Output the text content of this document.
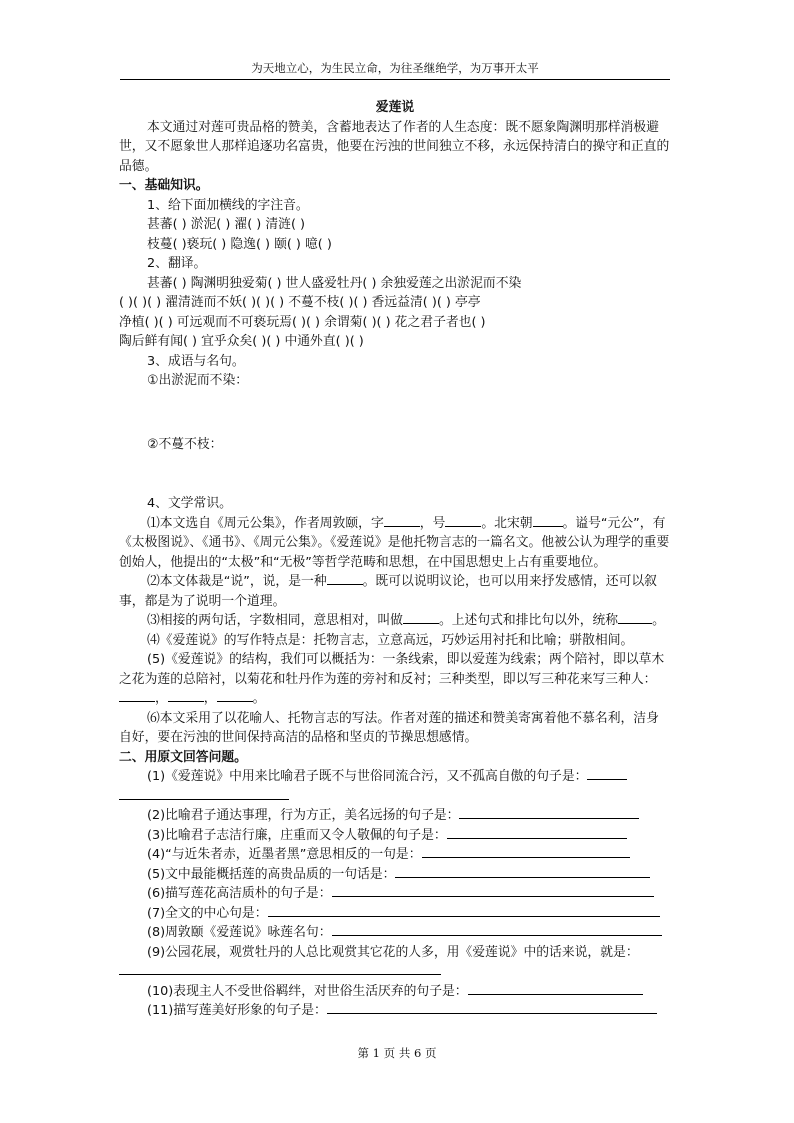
为天地立心，为生民立命，为往圣继绝学，为万事开太平
爱莲说
本文通过对莲可贵品格的赞美，含蓄地表达了作者的人生态度：既不愿象陶渊明那样消极避世，又不愿象世人那样追逐功名富贵，他要在污浊的世间独立不移，永远保持清白的操守和正直的品德。
一、基础知识。
1、给下面加横线的字注音。
甚蕃( ) 淤泥( ) 濯( ) 清涟( )
枝蔓( )亵玩( ) 隐逸( ) 颐( ) 噫( )
2、翻译。
甚蕃( ) 陶渊明独爱菊( ) 世人盛爱牡丹( ) 余独爱莲之出淤泥而不染
( )( )( ) 濯清涟而不妖( )( )( ) 不蔓不枝( )( ) 香远益清( )( ) 亭亭
净植( )( ) 可远观而不可亵玩焉( )( ) 余谓菊( )( ) 花之君子者也( )
陶后鲜有闻( ) 宜乎众矣( )( ) 中通外直( )( )
3、成语与名句。
①出淤泥而不染：
②不蔓不枝：
4、文学常识。
⑴本文选自《周元公集》，作者周敦颐，字	，号	。北宋朝 。谥号“元公”，有《太极图说》、《通书》、《周元公集》。《爱莲说》是他托物言志的一篇名文。他被公认为理学的重要创始人，他提出的“太极”和“无极”等哲学范畴和思想，在中国思想史上占有重要地位。
⑵本文体裁是“说”，说，是一种	。既可以说明议论，也可以用来抒发感情，还可以叙事，都是为了说明一个道理。
⑶相接的两句话，字数相同，意思相对，叫做	。上述句式和排比句以外，统称	。
⑷《爱莲说》的写作特点是：托物言志，立意高远，巧妙运用衬托和比喻；骈散相间。
(5)《爱莲说》的结构，我们可以概括为：一条线索，即以爱莲为线索；两个陪衬，即以草木之花为莲的总陪衬，以菊花和牡丹作为莲的旁衬和反衬；三种类型，即以写三种花来写三种人：，	，	。
⑹本文采用了以花喻人、托物言志的写法。作者对莲的描述和赞美寄寓着他不慕名利，洁身自好，要在污浊的世间保持高洁的品格和坚贞的节操思想感情。
二、用原文回答问题。
(1)《爱莲说》中用来比喻君子既不与世俗同流合污，又不孤高自傲的句子是：
(2)比喻君子通达事理，行为方正，美名远扬的句子是：
(3)比喻君子志洁行廉，庄重而又令人敬佩的句子是：
(4)“与近朱者赤，近墨者黑”意思相反的一句是：
(5)文中最能概括莲的高贵品质的一句话是：
(6)描写莲花高洁质朴的句子是：
(7)全文的中心句是：
(8)周敦颐《爱莲说》咏莲名句：
(9)公园花展，观赏牡丹的人总比观赏其它花的人多，用《爱莲说》中的话来说，就是：
(10)表现主人不受世俗羁绊，对世俗生活厌弃的句子是：
(11)描写莲美好形象的句子是：
第 1 页 共 6 页
